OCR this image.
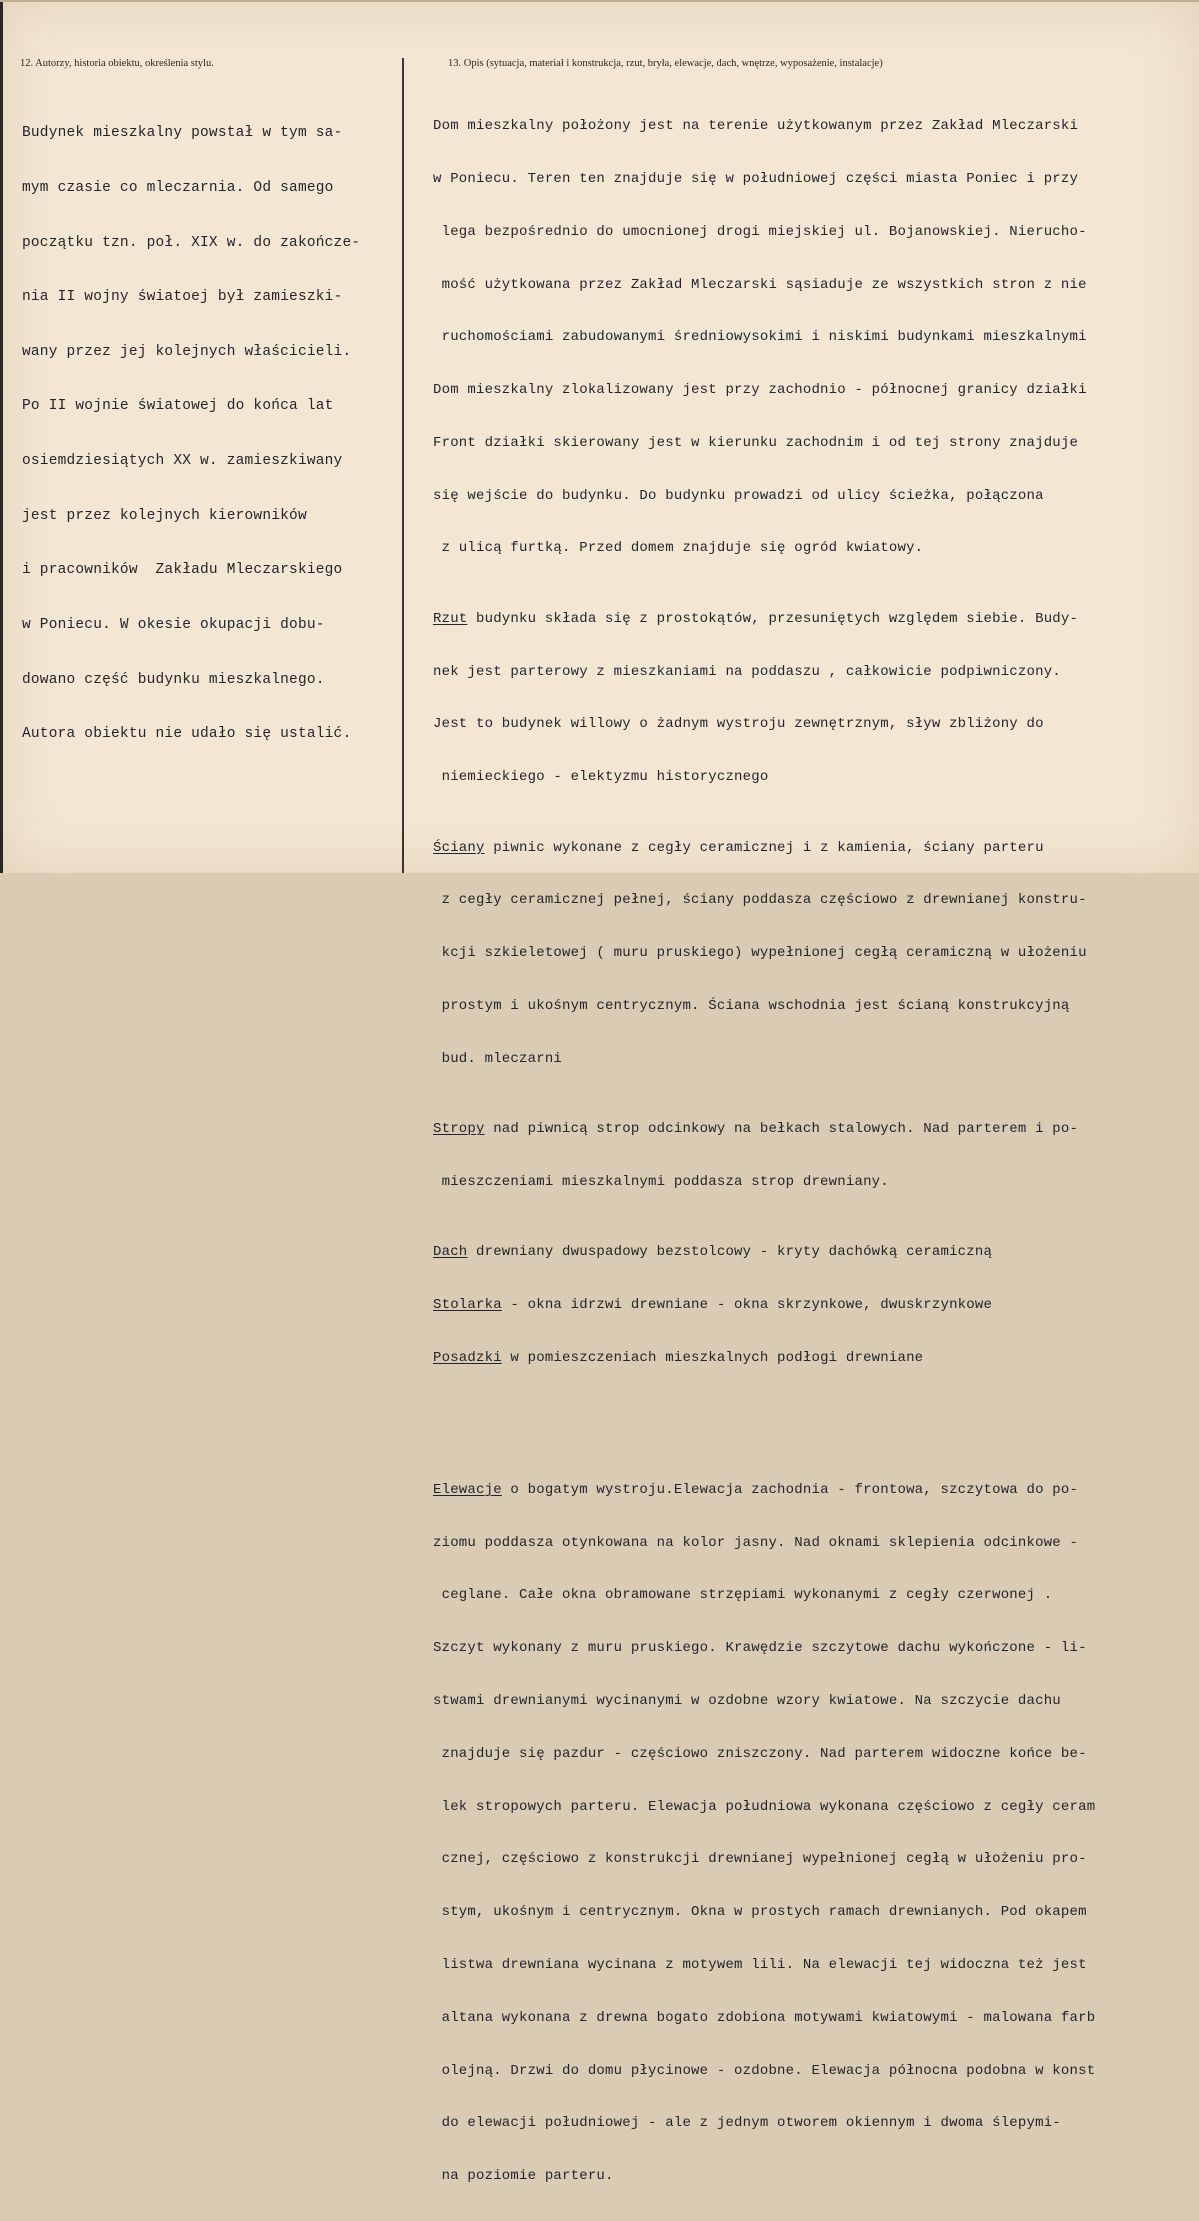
12. Autorzy, historia obiektu, określenia stylu.	13. Opis (sytuacja, materiał i konstrukcja, rzut, bryła, elewacje, dach, wnętrze, wyposażenie, instalacje)

Budynek mieszkalny powstał w tym sa-

mym czasie co mleczarnia. Od samego

początku tzn. poł. XIX w. do zakończe-

nia II wojny światoej był zamieszki-

wany przez jej kolejnych właścicieli.

Po II wojnie światowej do końca lat

osiemdziesiątych XX w. zamieszkiwany

jest przez kolejnych kierowników

i pracowników  Zakładu Mleczarskiego

w Poniecu. W okesie okupacji dobu-

dowano część budynku mieszkalnego.

Autora obiektu nie udało się ustalić.

Dom mieszkalny położony jest na terenie użytkowanym przez Zakład Mleczarski

w Poniecu. Teren ten znajduje się w południowej części miasta Poniec i przy

lega bezpośrednio do umocnionej drogi miejskiej ul. Bojanowskiej. Nierucho-

mość użytkowana przez Zakład Mleczarski sąsiaduje ze wszystkich stron z nie

ruchomościami zabudowanymi średniowysokimi i niskimi budynkami mieszkalnymi

Dom mieszkalny zlokalizowany jest przy zachodnio - północnej granicy działki

Front działki skierowany jest w kierunku zachodnim i od tej strony znajduje

się wejście do budynku. Do budynku prowadzi od ulicy ścieżka, połączona

z ulicą furtką. Przed domem znajduje się ogród kwiatowy.

Rzut budynku składa się z prostokątów, przesuniętych względem siebie. Budy-

nek jest parterowy z mieszkaniami na poddaszu , całkowicie podpiwniczony.

Jest to budynek willowy o żadnym wystroju zewnętrznym, sływ zbliżony do

niemieckiego - elektyzmu historycznego

Ściany piwnic wykonane z cegły ceramicznej i z kamienia, ściany parteru

z cegły ceramicznej pełnej, ściany poddasza częściowo z drewnianej konstru-

kcji szkieletowej ( muru pruskiego) wypełnionej cegłą ceramiczną w ułożeniu

prostym i ukośnym centrycznym. Ściana wschodnia jest ścianą konstrukcyjną

bud. mleczarni

Stropy nad piwnicą strop odcinkowy na bełkach stalowych. Nad parterem i po-

mieszczeniami mieszkalnymi poddasza strop drewniany.

Dach drewniany dwuspadowy bezstolcowy - kryty dachówką ceramiczną

Stolarka - okna idrzwi drewniane - okna skrzynkowe, dwuskrzynkowe

Posadzki w pomieszczeniach mieszkalnych podłogi drewniane

Elewacje o bogatym wystroju.Elewacja zachodnia - frontowa, szczytowa do po-

ziomu poddasza otynkowana na kolor jasny. Nad oknami sklepienia odcinkowe -

ceglane. Całe okna obramowane strzępiami wykonanymi z cegły czerwonej .

Szczyt wykonany z muru pruskiego. Krawędzie szczytowe dachu wykończone - li-

stwami drewnianymi wycinanymi w ozdobne wzory kwiatowe. Na szczycie dachu

znajduje się pazdur - częściowo zniszczony. Nad parterem widoczne końce be-

lek stropowych parteru. Elewacja południowa wykonana częściowo z cegły ceram

cznej, częściowo z konstrukcji drewnianej wypełnionej cegłą w ułożeniu pro-

stym, ukośnym i centrycznym. Okna w prostych ramach drewnianych. Pod okapem

listwa drewniana wycinana z motywem lili. Na elewacji tej widoczna też jest

altana wykonana z drewna bogato zdobiona motywami kwiatowymi - malowana farb

olejną. Drzwi do domu płycinowe - ozdobne. Elewacja północna podobna w konst

do elewacji południowej - ale z jednym otworem okiennym i dwoma ślepymi-

na poziomie parteru.
